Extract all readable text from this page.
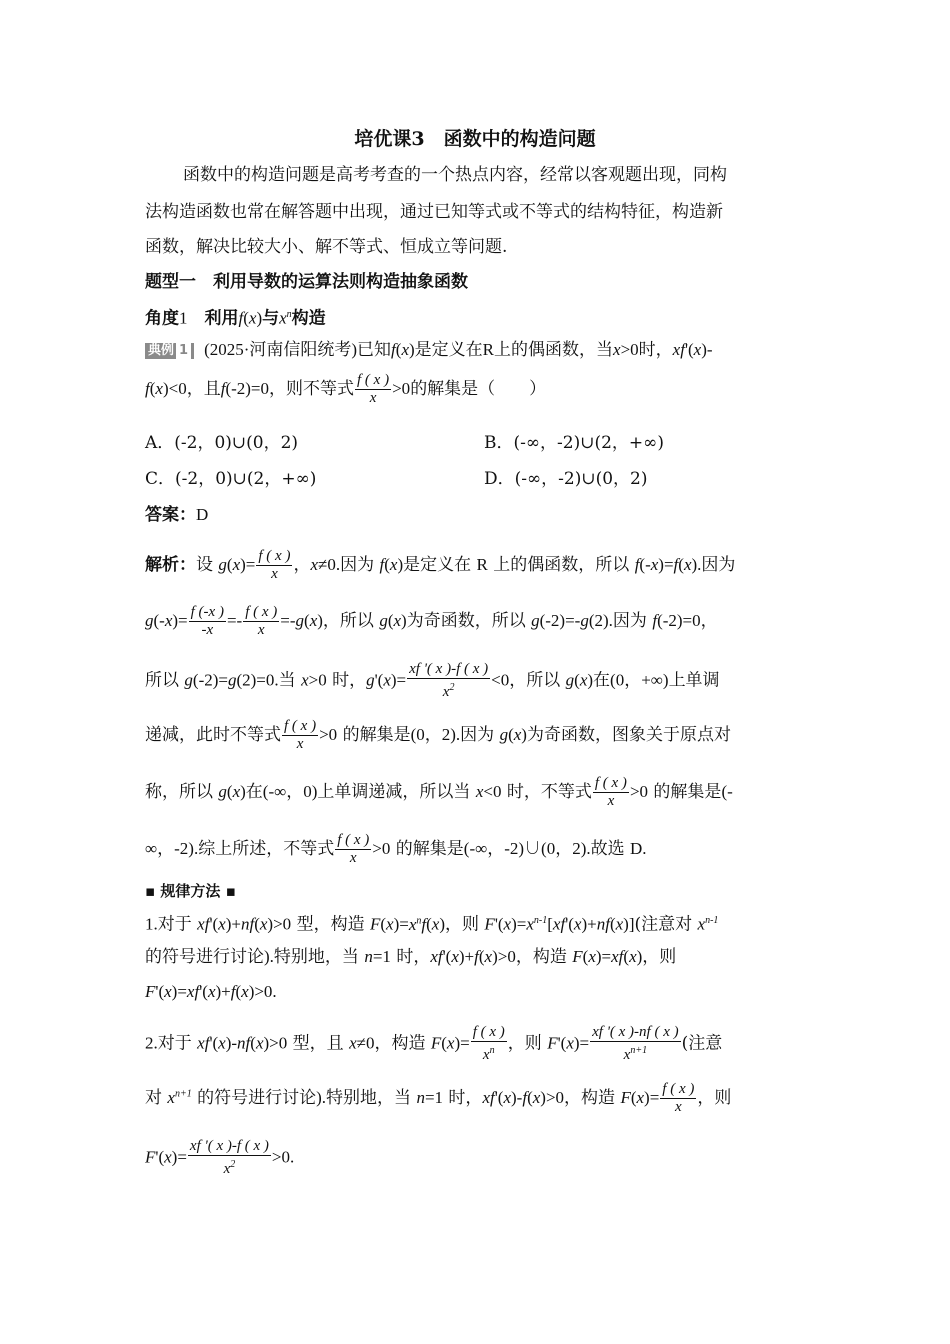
培优课3　函数中的构造问题
函数中的构造问题是高考考查的一个热点内容，经常以客观题出现，同构
法构造函数也常在解答题中出现，通过已知等式或不等式的结构特征，构造新
函数，解决比较大小、解不等式、恒成立等问题.
题型一　利用导数的运算法则构造抽象函数
角度1　利用f(x)与$x^n$构造
典例 1 (2025·河南信阳统考)已知f(x)是定义在R上的偶函数，当x>0时，xf'(x)-
f(x)<0，且f(-2)=0，则不等式 $\frac{f ( x )}{x} >0$的解集是（　　）
A．(-2，0)∪(0，2)	B．(-∞，-2)∪(2，+∞)
C．(-2，0)∪(2，+∞)	D．(-∞，-2)∪(0，2)
答案：D
解析：设 $g(x)= \frac{f ( x )}{x}$ ，x≠0.因为 f(x)是定义在 R 上的偶函数，所以 f(-x)=f(x).因为
$g(-x)= \frac{f (-x )}{-x} =- \frac{f ( x )}{x} =-g(x)$，所以 g(x)为奇函数，所以 g(-2)=-g(2).因为 f(-2)=0，
所以 g(-2)=g(2)=0.当 x>0 时，$g'(x)= \frac{xf '( x )-f ( x )}{x^2} <0$，所以 g(x)在(0，+∞)上单调
递减，此时不等式 $\frac{f ( x )}{x} >0$ 的解集是(0，2).因为 g(x)为奇函数，图象关于原点对
称，所以 g(x)在(-∞，0)上单调递减，所以当 x<0 时，不等式 $\frac{f ( x )}{x} >0$ 的解集是(-
∞，-2).综上所述，不等式 $\frac{f ( x )}{x} >0$ 的解集是(-∞，-2)∪(0，2).故选 D.
▪ 规律方法 ▪
1.对于 xf'(x)+nf(x)>0 型，构造 $F(x)=x^nf(x)$，则 $F'(x)=x^{n-1}[xf'(x)+nf(x)]$(注意对 $x^{n-1}$
的符号进行讨论).特别地，当 n=1 时，xf'(x)+f(x)>0，构造 F(x)=xf(x)，则
F'(x)=xf'(x)+f(x)>0.
2.对于 xf'(x)-nf(x)>0 型，且 x≠0，构造 $F(x)= \frac{f ( x )}{x^n}$ ，则 $F'(x)= \frac{xf '( x )-nf ( x )}{x^{n+1}}$ (注意
对 $x^{n+1}$ 的符号进行讨论).特别地，当 n=1 时，xf'(x)-f(x)>0，构造 $F(x)= \frac{f ( x )}{x}$ ，则
$F'(x)= \frac{xf '( x )-f ( x )}{x^2} >0$.
